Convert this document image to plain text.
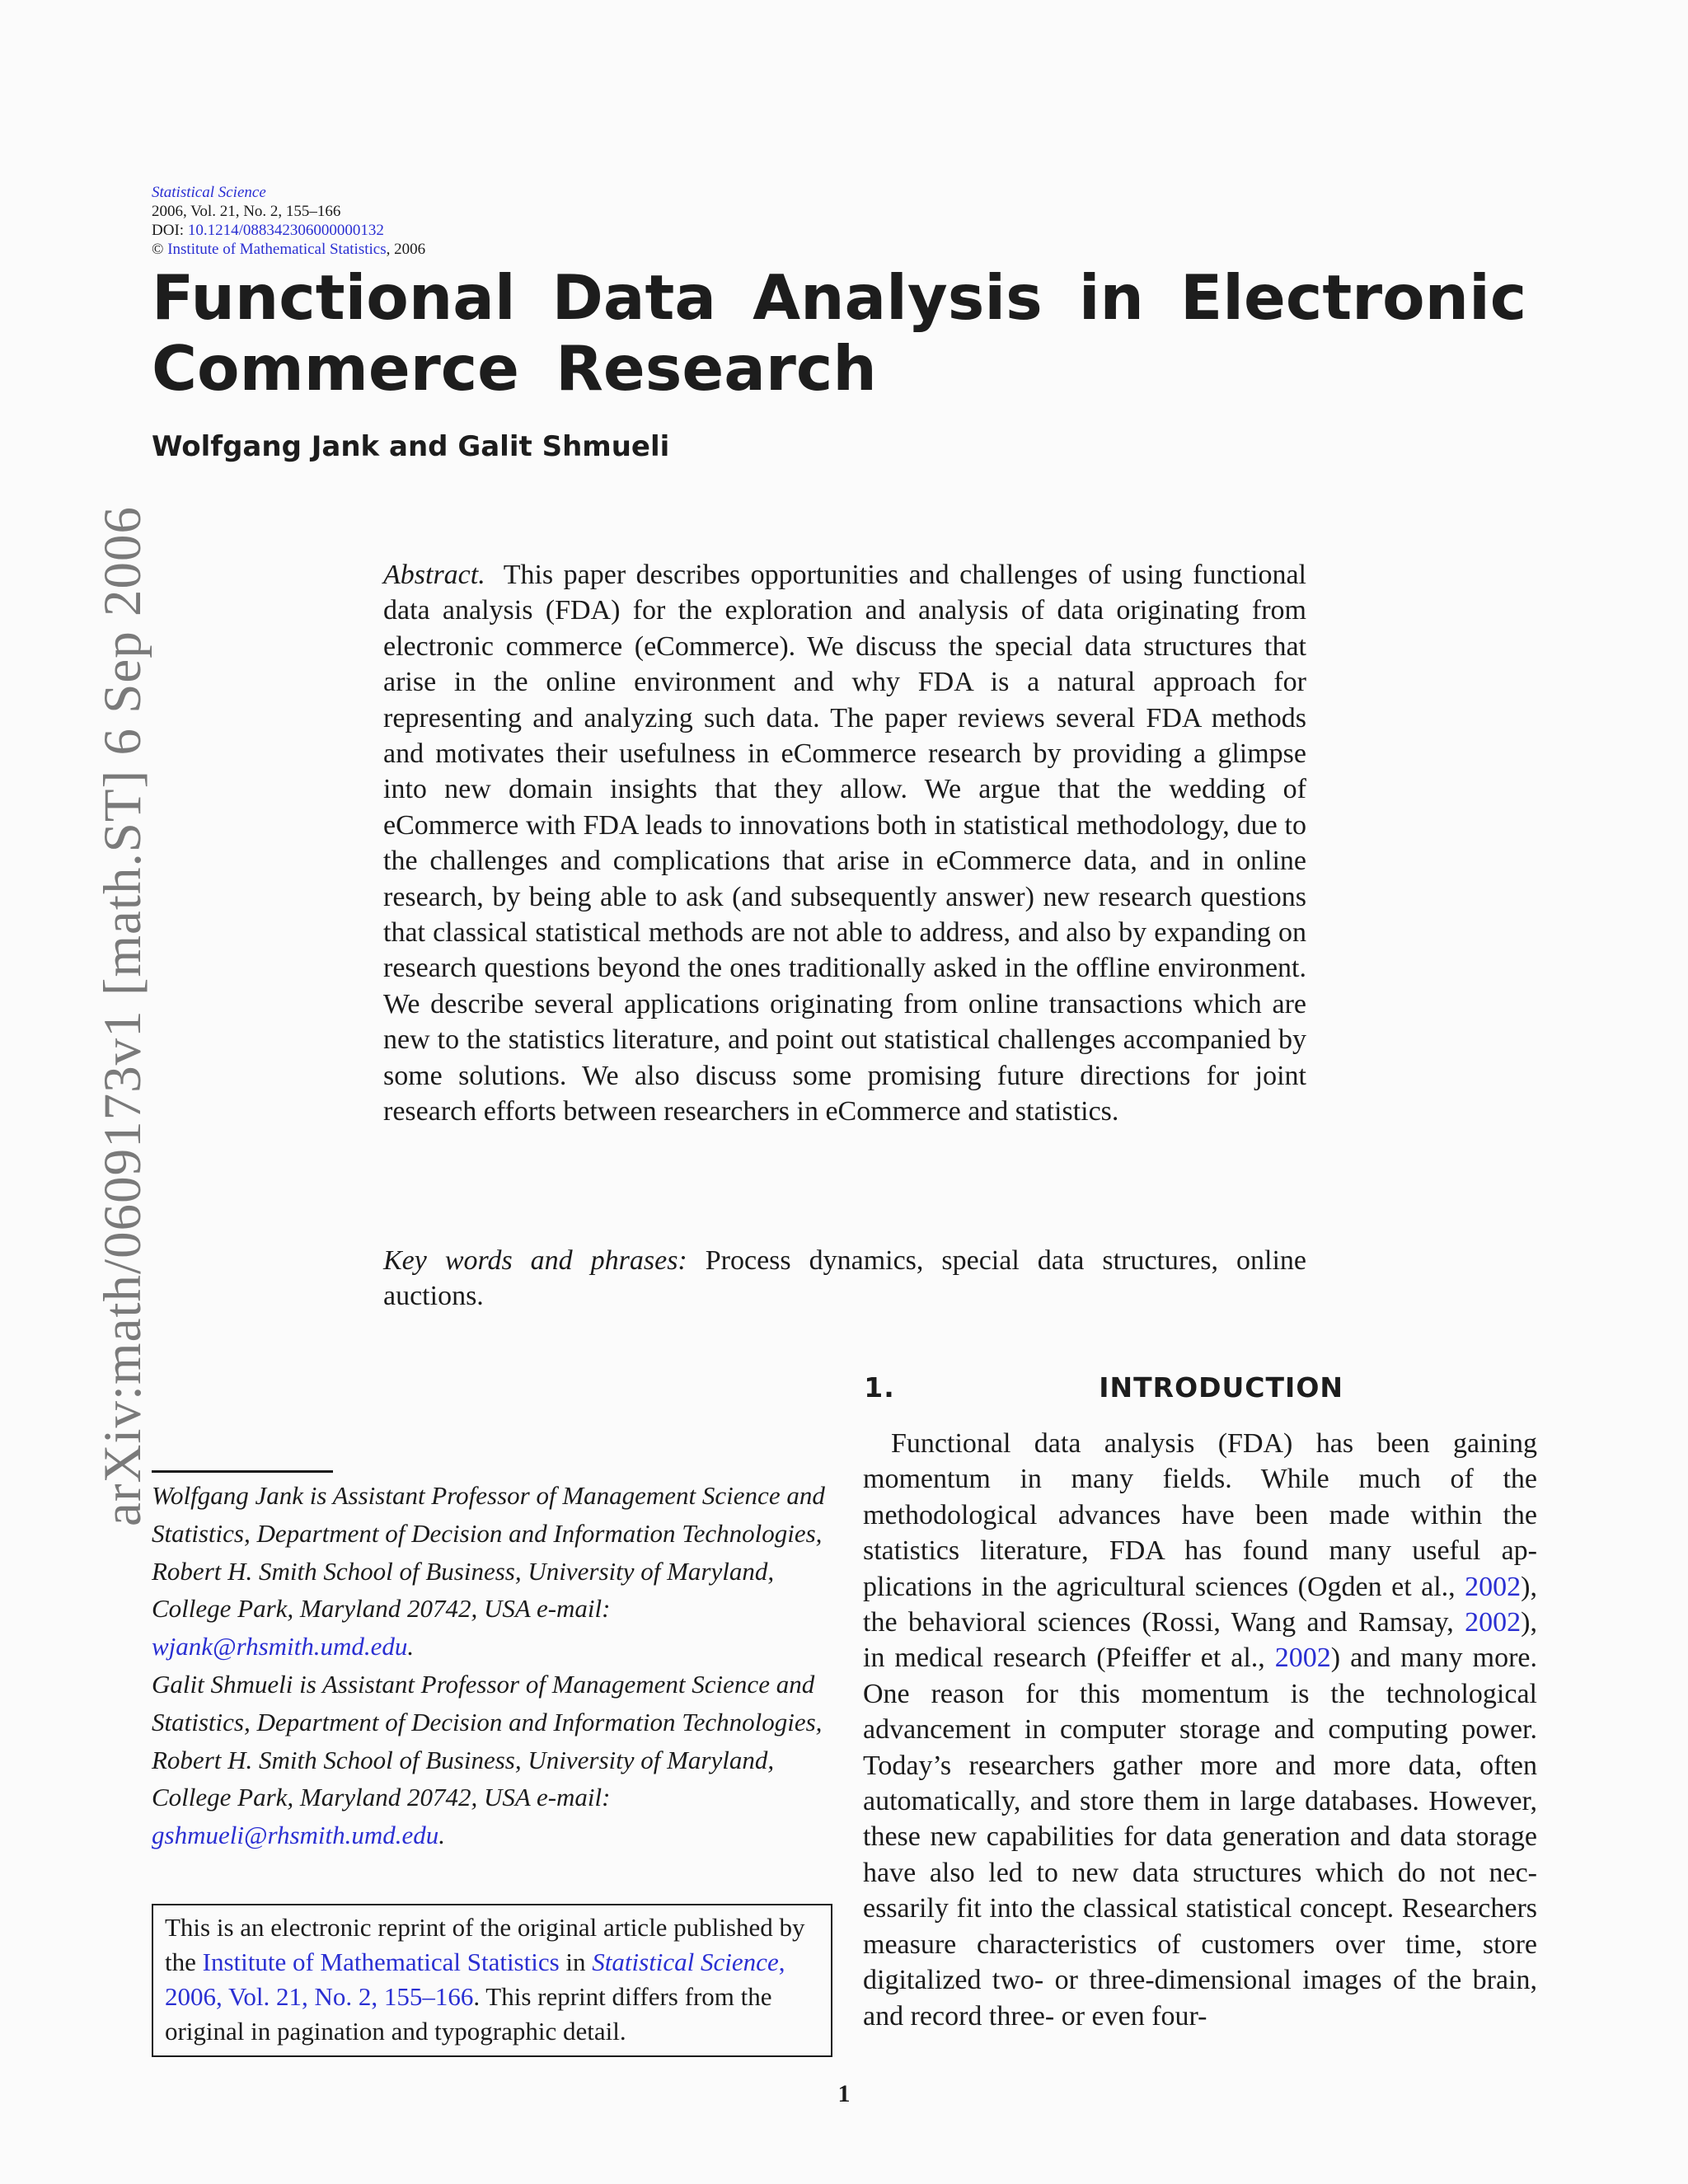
arXiv:math/0609173v1 [math.ST] 6 Sep 2006
Statistical Science
2006, Vol. 21, No. 2, 155–166
DOI: 10.1214/088342306000000132
© Institute of Mathematical Statistics, 2006
Functional Data Analysis in Electronic
Commerce Research
Wolfgang Jank and Galit Shmueli
Abstract. This paper describes opportunities and challenges of using functional data analysis (FDA) for the exploration and analysis of data originating from electronic commerce (eCommerce). We discuss the special data structures that arise in the online environment and why FDA is a natural approach for representing and analyzing such data. The paper reviews several FDA methods and motivates their usefulness in eCommerce research by providing a glimpse into new domain insights that they allow. We argue that the wedding of eCommerce with FDA leads to innovations both in statistical methodology, due to the challenges and complications that arise in eCommerce data, and in online research, by being able to ask (and subsequently answer) new research questions that classical statistical methods are not able to address, and also by expanding on research questions beyond the ones traditionally asked in the offline environment. We describe several applications originating from online transactions which are new to the statistics literature, and point out statistical challenges accompanied by some solutions. We also discuss some promising future directions for joint research efforts between researchers in eCommerce and statistics.
Key words and phrases: Process dynamics, special data structures, online auctions.
1.	INTRODUCTION
Functional data analysis (FDA) has been gaining momentum in many fields. While much of the methodological advances have been made within the statistics literature, FDA has found many useful applications in the agricultural sciences (Ogden et al., 2002), the behavioral sciences (Rossi, Wang and Ramsay, 2002), in medical research (Pfeiffer et al., 2002) and many more. One reason for this momentum is the technological advancement in computer storage and computing power. Today’s researchers gather more and more data, often automatically, and store them in large databases. However, these new capabilities for data generation and data storage have also led to new data structures which do not necessarily fit into the classical statistical concept. Researchers measure characteristics of customers over time, store digitalized two- or three-dimensional images of the brain, and record three- or even four-
Wolfgang Jank is Assistant Professor of Management Science and Statistics, Department of Decision and Information Technologies, Robert H. Smith School of Business, University of Maryland, College Park, Maryland 20742, USA e-mail: wjank@rhsmith.umd.edu.
Galit Shmueli is Assistant Professor of Management Science and Statistics, Department of Decision and Information Technologies, Robert H. Smith School of Business, University of Maryland, College Park, Maryland 20742, USA e-mail: gshmueli@rhsmith.umd.edu.
This is an electronic reprint of the original article published by the Institute of Mathematical Statistics in Statistical Science, 2006, Vol. 21, No. 2, 155–166. This reprint differs from the original in pagination and typographic detail.
1
